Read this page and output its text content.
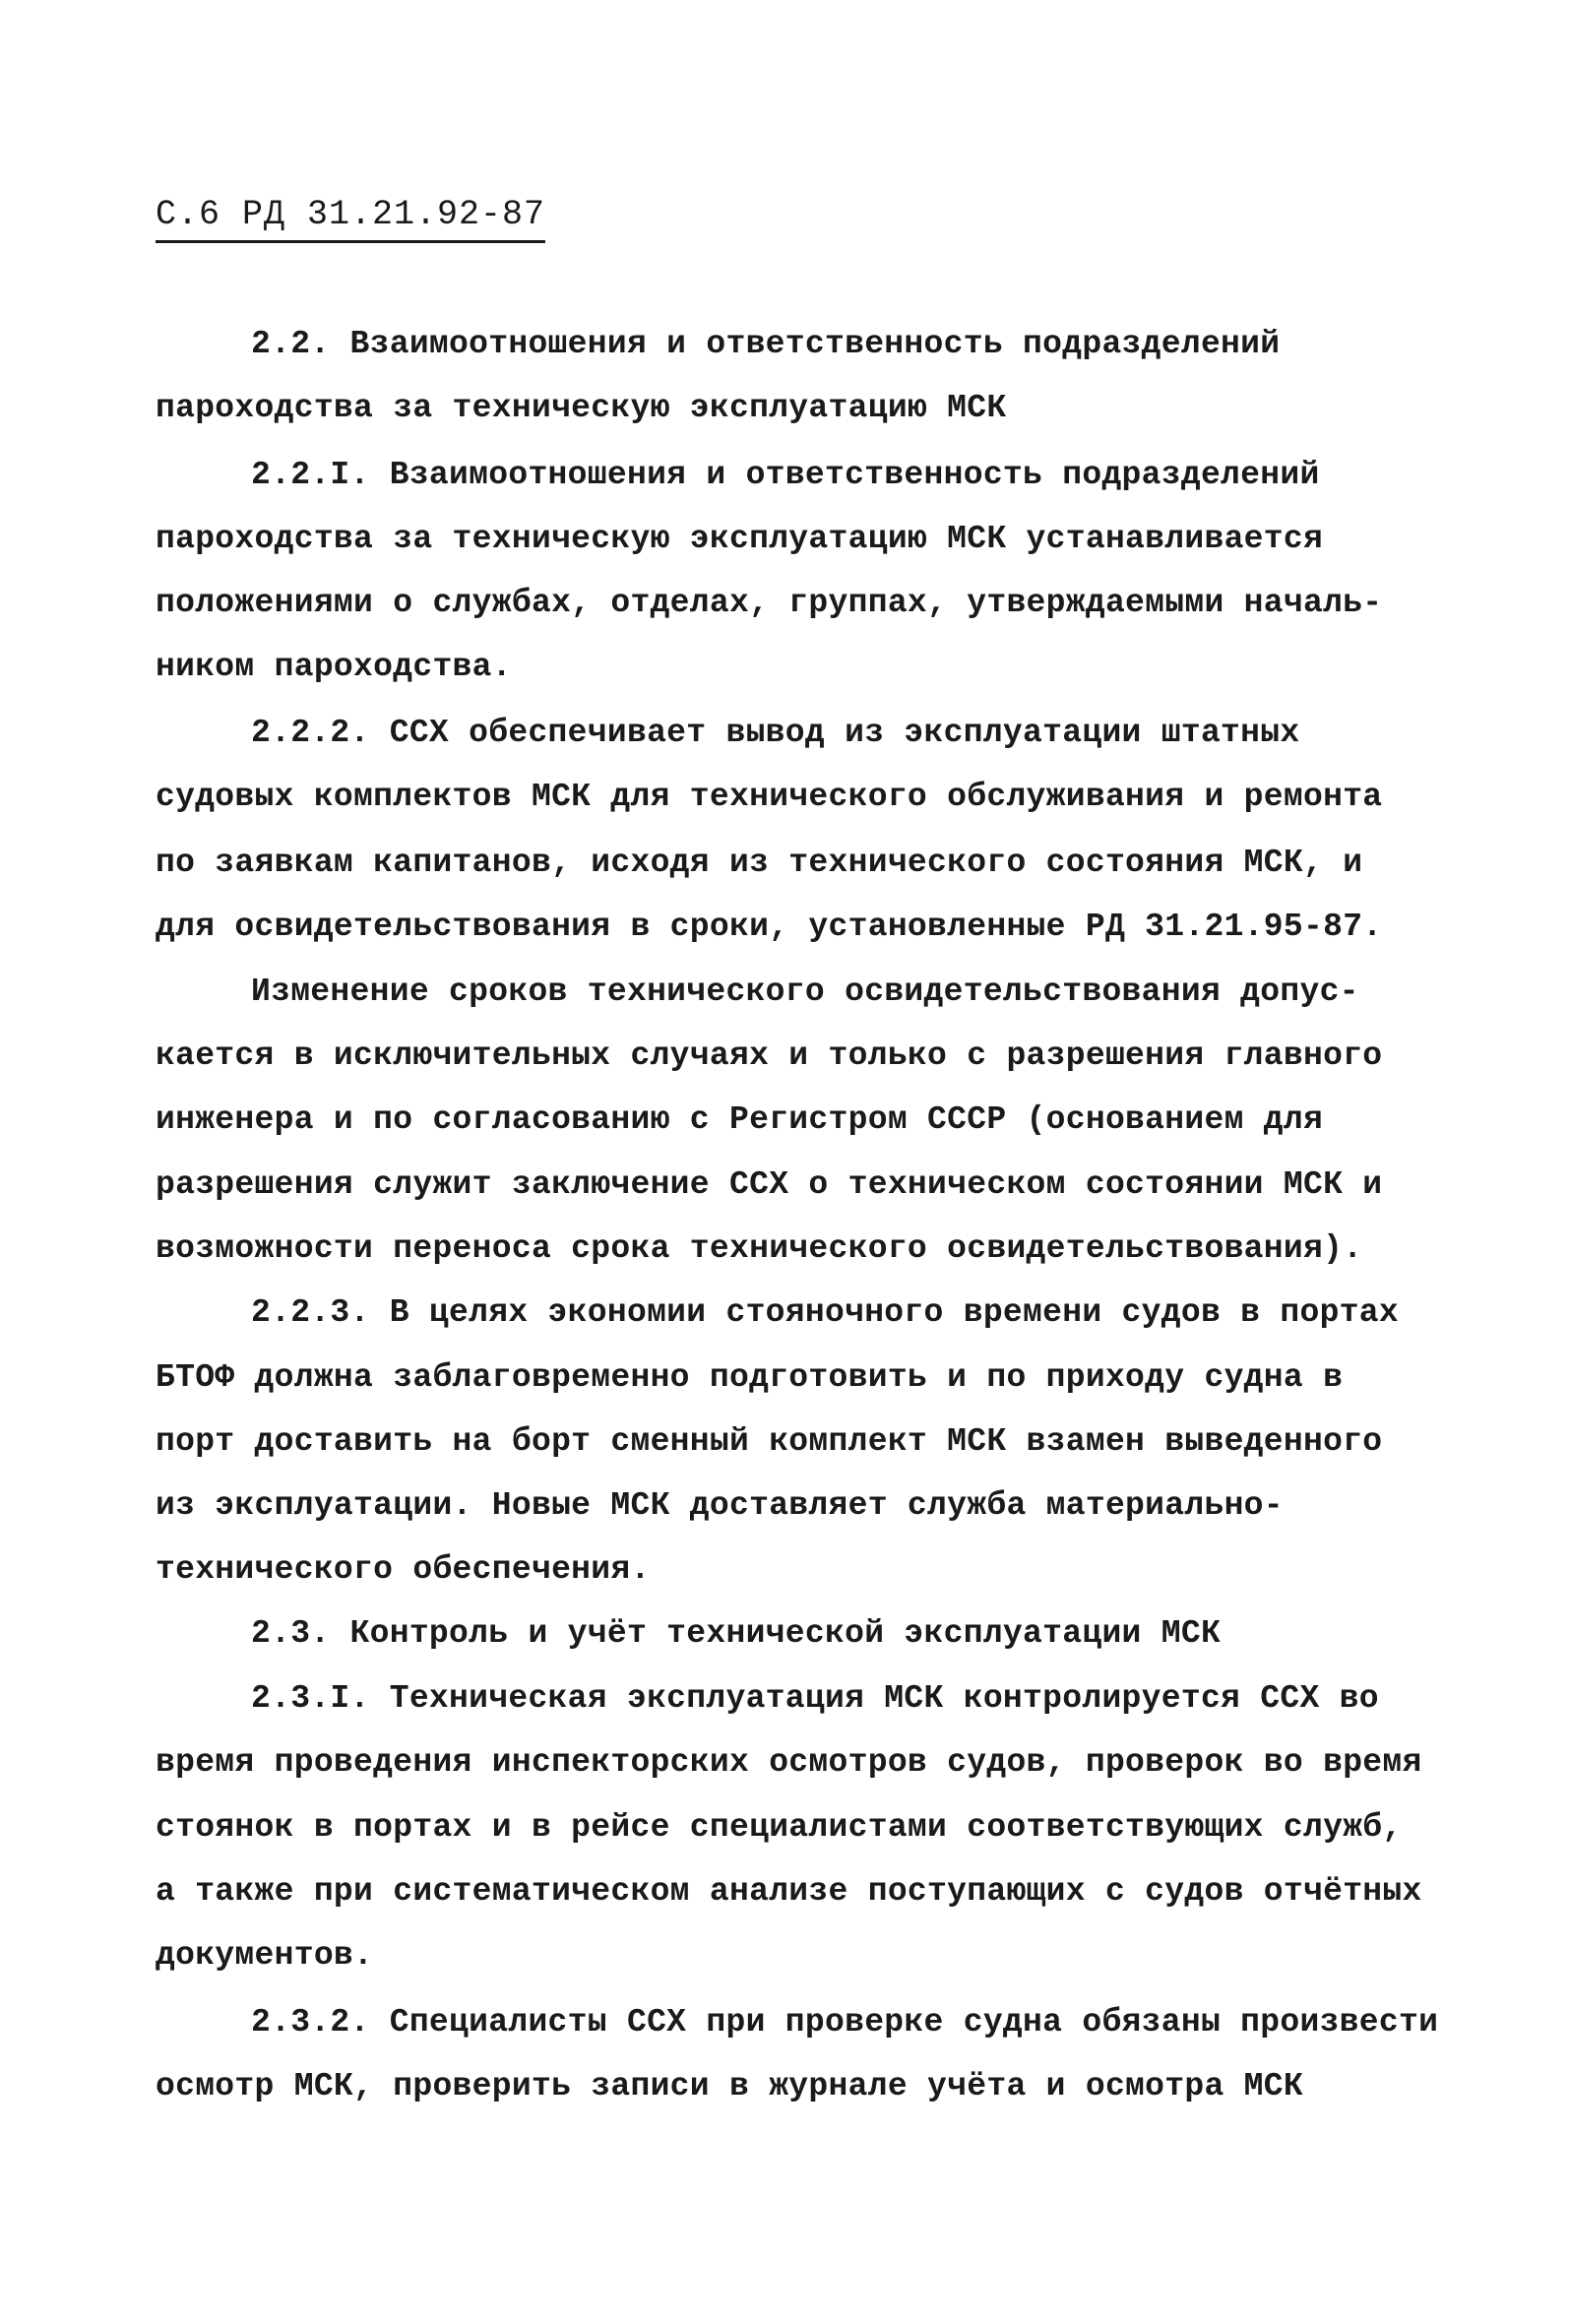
С.6 РД 31.21.92-87
2.2. Взаимоотношения и ответственность подразделений
пароходства за техническую эксплуатацию МСК
2.2.I. Взаимоотношения и ответственность подразделений
пароходства за техническую эксплуатацию МСК устанавливается
положениями о службах, отделах, группах, утверждаемыми началь-
ником пароходства.
2.2.2. ССХ обеспечивает вывод из эксплуатации штатных
судовых комплектов МСК для технического обслуживания и ремонта
по заявкам капитанов, исходя из технического состояния МСК, и
для освидетельствования в сроки, установленные РД 31.21.95-87.
Изменение сроков технического освидетельствования допус-
кается в исключительных случаях и только с разрешения главного
инженера и по согласованию с Регистром СССР (основанием для
разрешения служит заключение ССХ о техническом состоянии МСК и
возможности переноса срока технического освидетельствования).
2.2.3. В целях экономии стояночного времени судов в портах
БТОФ должна заблаговременно подготовить и по приходу судна в
порт доставить на борт сменный комплект МСК взамен выведенного
из эксплуатации. Новые МСК доставляет служба материально-
технического обеспечения.
2.3. Контроль и учёт технической эксплуатации МСК
2.3.I. Техническая эксплуатация МСК контролируется ССХ во
время проведения инспекторских осмотров судов, проверок во время
стоянок в портах и в рейсе специалистами соответствующих служб,
а также при систематическом анализе поступающих с судов отчётных
документов.
2.3.2. Специалисты ССХ при проверке судна обязаны произвести
осмотр МСК, проверить записи в журнале учёта и осмотра МСК
